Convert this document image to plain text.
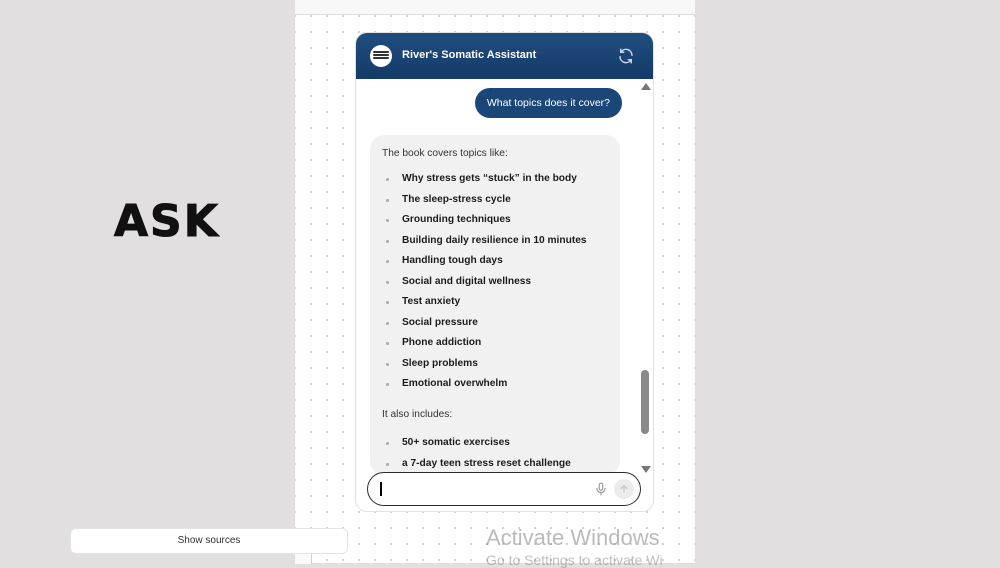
ASK
River's Somatic Assistant
What topics does it cover?
The book covers topics like:
Why stress gets “stuck” in the body
The sleep-stress cycle
Grounding techniques
Building daily resilience in 10 minutes
Handling tough days
Social and digital wellness
Test anxiety
Social pressure
Phone addiction
Sleep problems
Emotional overwhelm
It also includes:
50+ somatic exercises
a 7-day teen stress reset challenge
Show sources	Activate Windows
Go to Settings to activate Wi
